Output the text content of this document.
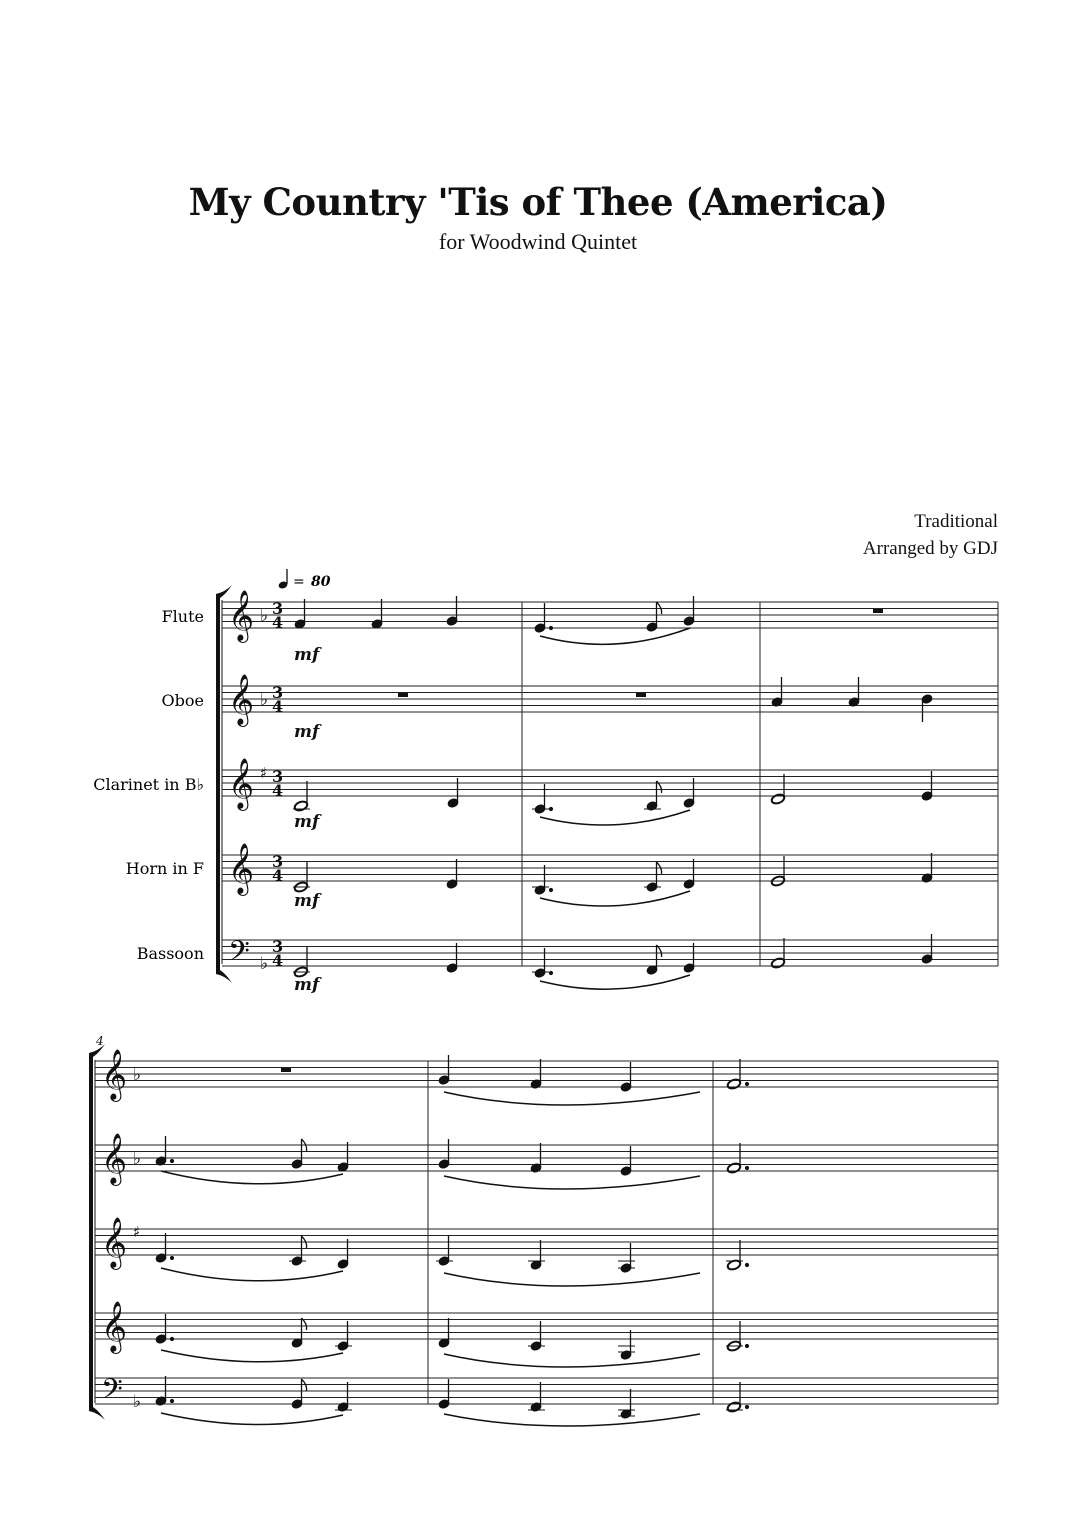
My Country 'Tis of Thee (America)
for Woodwind Quintet
Traditional
Arranged by GDJ
= 80
Flute
Oboe
Clarinet in B♭
Horn in F
Bassoon
𝄞
𝄞
𝄞
𝄞
𝄢
♭
♭
♯
♭
3
4
3
4
3
4
3
4
3
4
mf
mf
mf
mf
mf
4
𝄞
𝄞
𝄞
𝄞
𝄢
♭
♭
♯
♭
